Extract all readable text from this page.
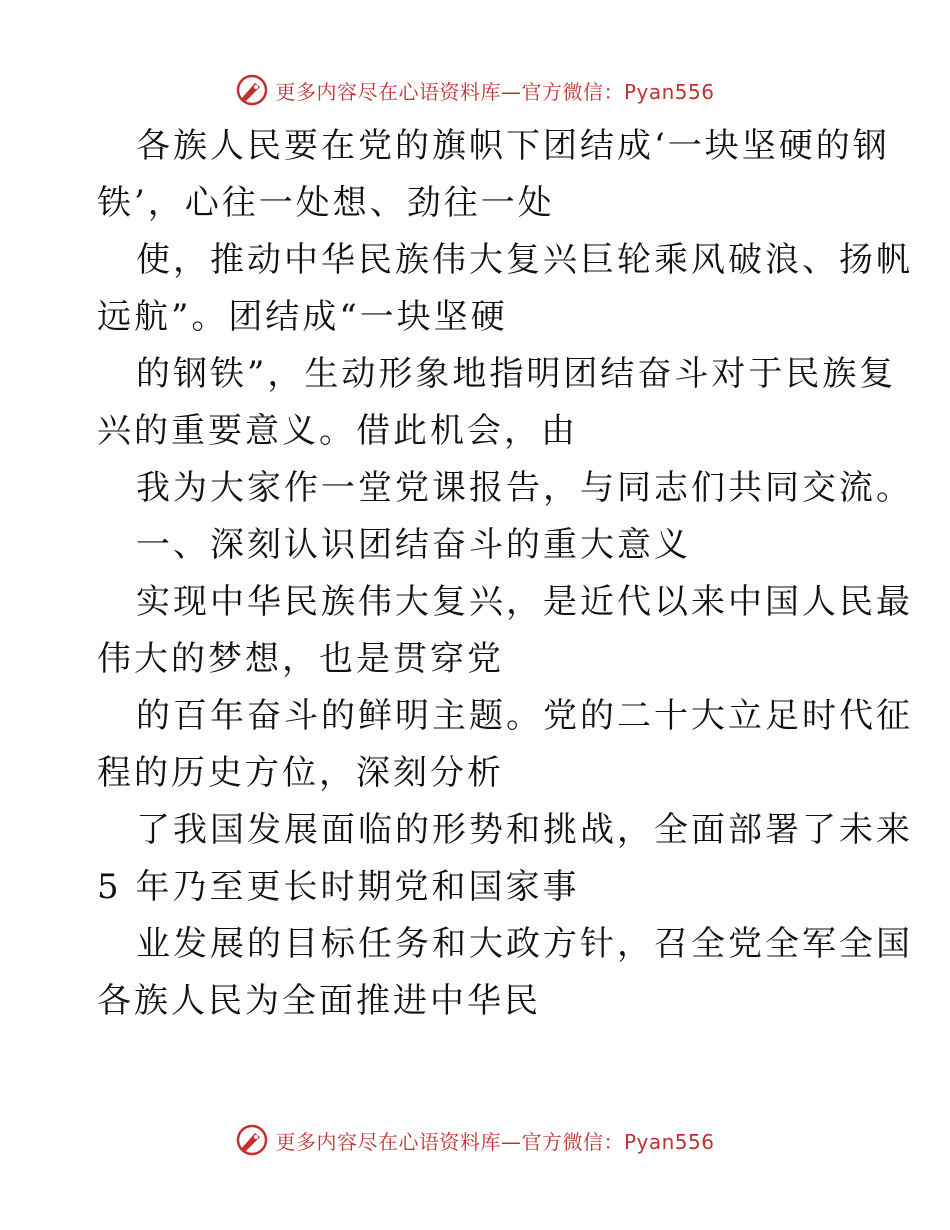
更多内容尽在心语资料库—官方微信：Pyan556
各族人民要在党的旗帜下团结成‘一块坚硬的钢
铁’，心往一处想、劲往一处
使，推动中华民族伟大复兴巨轮乘风破浪、扬帆
远航”。团结成“一块坚硬
的钢铁”，生动形象地指明团结奋斗对于民族复
兴的重要意义。借此机会，由
我为大家作一堂党课报告，与同志们共同交流。
一、深刻认识团结奋斗的重大意义
实现中华民族伟大复兴，是近代以来中国人民最
伟大的梦想，也是贯穿党
的百年奋斗的鲜明主题。党的二十大立足时代征
程的历史方位，深刻分析
了我国发展面临的形势和挑战，全面部署了未来
5 年乃至更长时期党和国家事
业发展的目标任务和大政方针，召全党全军全国
各族人民为全面推进中华民
更多内容尽在心语资料库—官方微信：Pyan556
